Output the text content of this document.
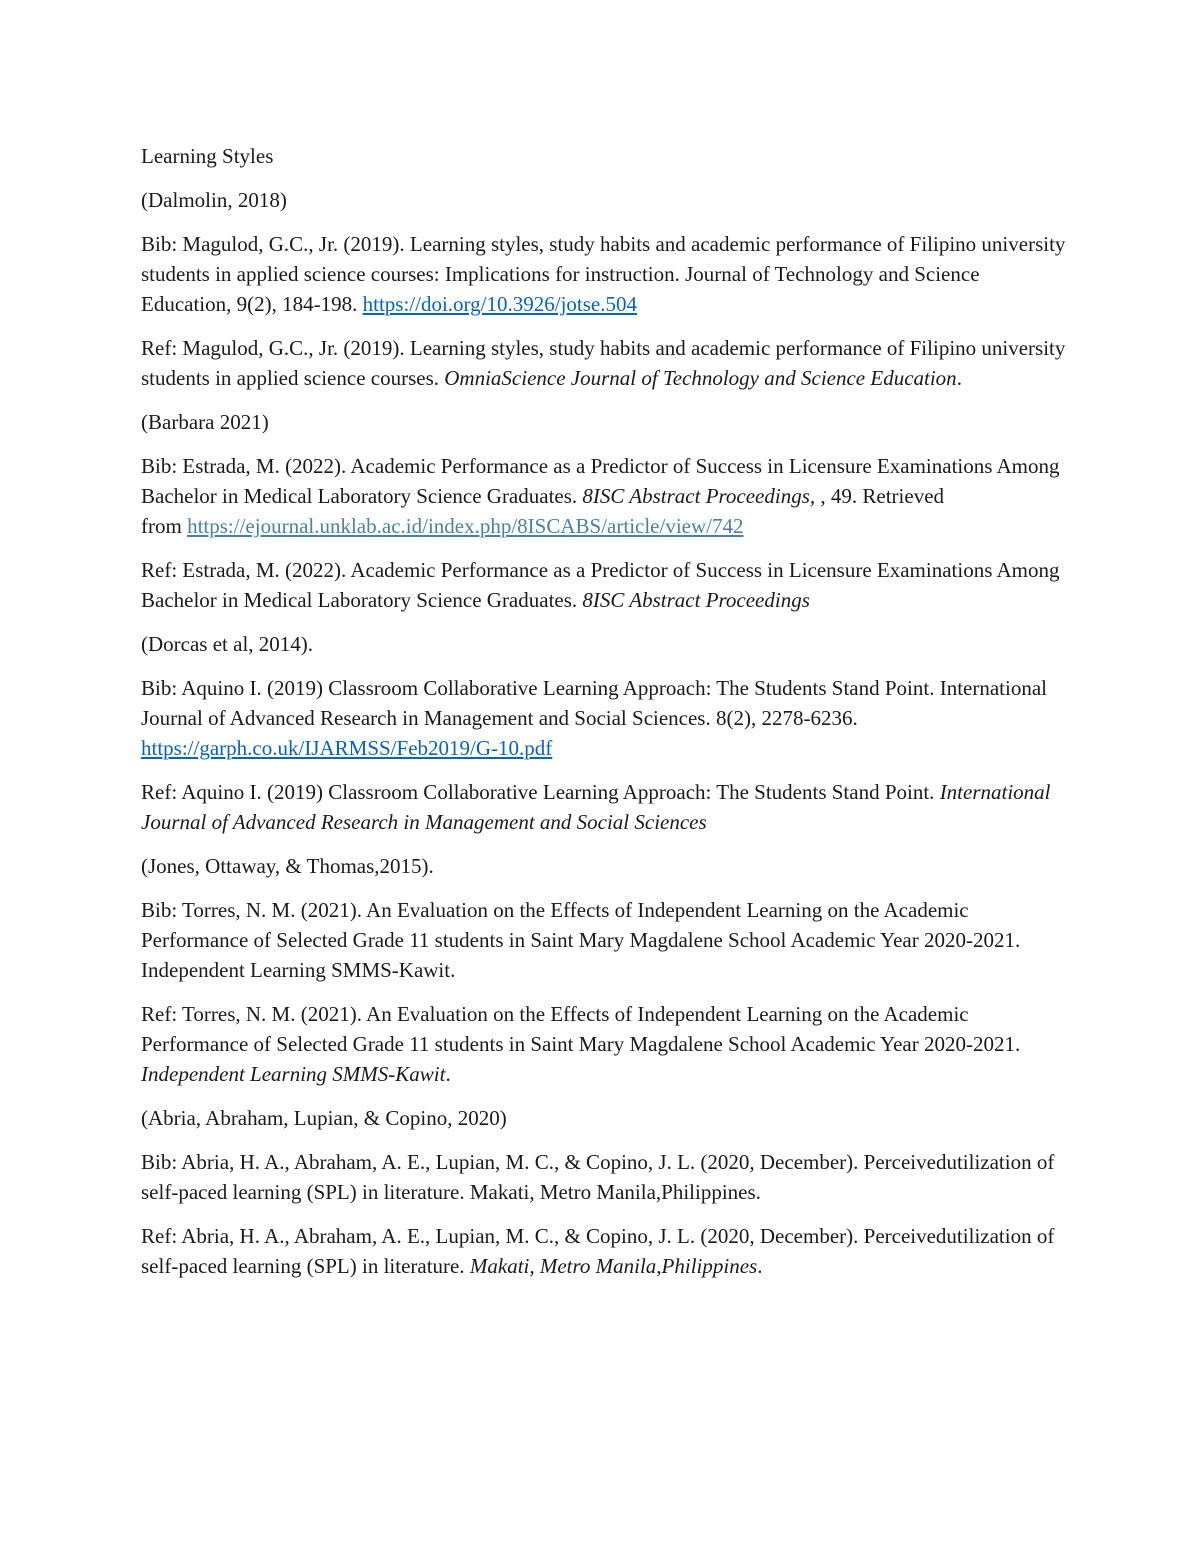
Learning Styles

(Dalmolin, 2018)

Bib: Magulod, G.C., Jr. (2019). Learning styles, study habits and academic performance of Filipino university students in applied science courses: Implications for instruction. Journal of Technology and Science Education, 9(2), 184-198. https://doi.org/10.3926/jotse.504

Ref: Magulod, G.C., Jr. (2019). Learning styles, study habits and academic performance of Filipino university students in applied science courses. OmniaScience Journal of Technology and Science Education.

(Barbara 2021)

Bib: Estrada, M. (2022). Academic Performance as a Predictor of Success in Licensure Examinations Among Bachelor in Medical Laboratory Science Graduates. 8ISC Abstract Proceedings, , 49. Retrieved
from https://ejournal.unklab.ac.id/index.php/8ISCABS/article/view/742

Ref: Estrada, M. (2022). Academic Performance as a Predictor of Success in Licensure Examinations Among Bachelor in Medical Laboratory Science Graduates. 8ISC Abstract Proceedings

(Dorcas et al, 2014).

Bib: Aquino I. (2019) Classroom Collaborative Learning Approach: The Students Stand Point. International Journal of Advanced Research in Management and Social Sciences. 8(2), 2278-6236. https://garph.co.uk/IJARMSS/Feb2019/G-10.pdf

Ref: Aquino I. (2019) Classroom Collaborative Learning Approach: The Students Stand Point. International Journal of Advanced Research in Management and Social Sciences

(Jones, Ottaway, & Thomas,2015).

Bib: Torres, N. M. (2021). An Evaluation on the Effects of Independent Learning on the Academic Performance of Selected Grade 11 students in Saint Mary Magdalene School Academic Year 2020-2021. Independent Learning SMMS-Kawit.

Ref: Torres, N. M. (2021). An Evaluation on the Effects of Independent Learning on the Academic Performance of Selected Grade 11 students in Saint Mary Magdalene School Academic Year 2020-2021. Independent Learning SMMS-Kawit.

(Abria, Abraham, Lupian, & Copino, 2020)

Bib: Abria, H. A., Abraham, A. E., Lupian, M. C., & Copino, J. L. (2020, December). Perceivedutilization of self-paced learning (SPL) in literature. Makati, Metro Manila,Philippines.

Ref: Abria, H. A., Abraham, A. E., Lupian, M. C., & Copino, J. L. (2020, December). Perceivedutilization of self-paced learning (SPL) in literature. Makati, Metro Manila,Philippines.
